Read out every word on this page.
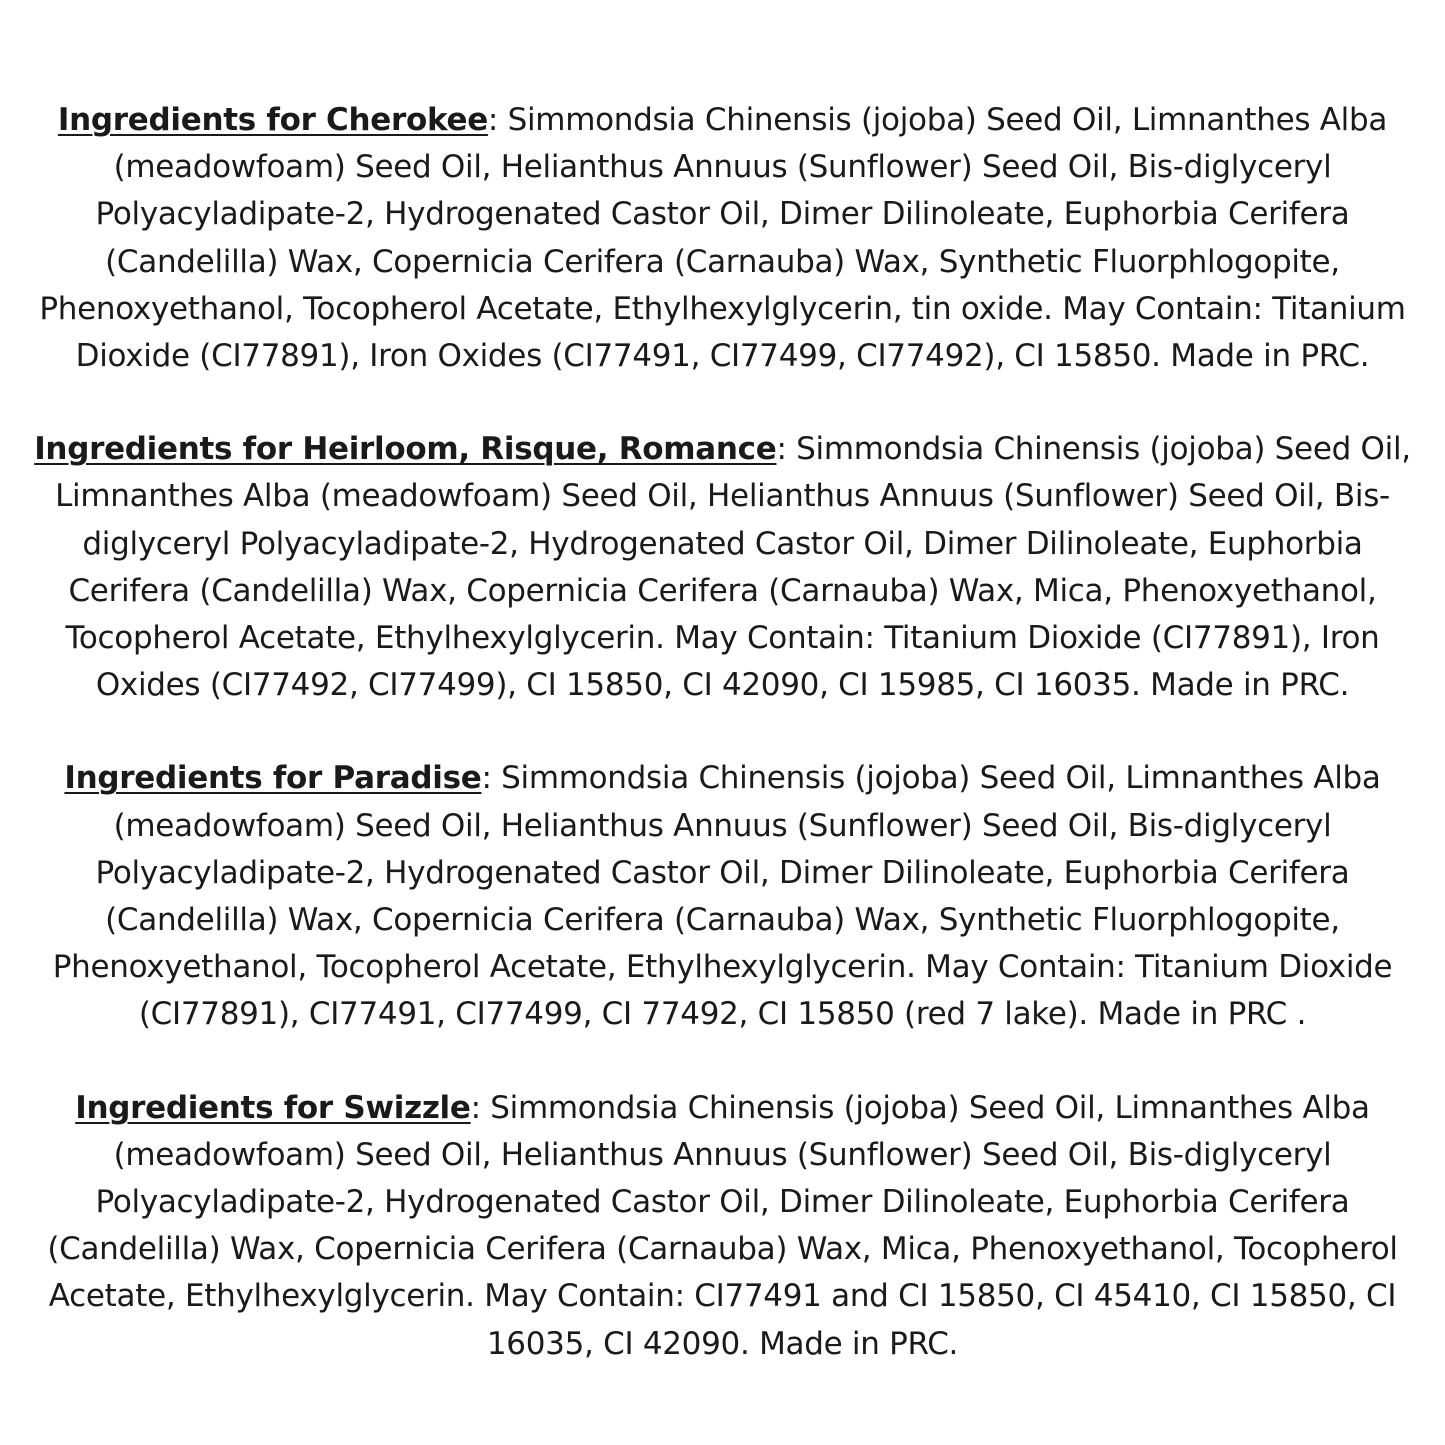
Ingredients for Cherokee: Simmondsia Chinensis (jojoba) Seed Oil, Limnanthes Alba (meadowfoam) Seed Oil, Helianthus Annuus (Sunflower) Seed Oil, Bis-diglyceryl Polyacyladipate-2, Hydrogenated Castor Oil, Dimer Dilinoleate, Euphorbia Cerifera (Candelilla) Wax, Copernicia Cerifera (Carnauba) Wax, Synthetic Fluorphlogopite, Phenoxyethanol, Tocopherol Acetate, Ethylhexylglycerin, tin oxide. May Contain: Titanium Dioxide (CI77891), Iron Oxides (CI77491, CI77499, CI77492), CI 15850. Made in PRC.

Ingredients for Heirloom, Risque, Romance: Simmondsia Chinensis (jojoba) Seed Oil, Limnanthes Alba (meadowfoam) Seed Oil, Helianthus Annuus (Sunflower) Seed Oil, Bis-diglyceryl Polyacyladipate-2, Hydrogenated Castor Oil, Dimer Dilinoleate, Euphorbia Cerifera (Candelilla) Wax, Copernicia Cerifera (Carnauba) Wax, Mica, Phenoxyethanol, Tocopherol Acetate, Ethylhexylglycerin. May Contain: Titanium Dioxide (CI77891), Iron Oxides (CI77492, CI77499), CI 15850, CI 42090, CI 15985, CI 16035. Made in PRC.

Ingredients for Paradise: Simmondsia Chinensis (jojoba) Seed Oil, Limnanthes Alba (meadowfoam) Seed Oil, Helianthus Annuus (Sunflower) Seed Oil, Bis-diglyceryl Polyacyladipate-2, Hydrogenated Castor Oil, Dimer Dilinoleate, Euphorbia Cerifera (Candelilla) Wax, Copernicia Cerifera (Carnauba) Wax, Synthetic Fluorphlogopite, Phenoxyethanol, Tocopherol Acetate, Ethylhexylglycerin. May Contain: Titanium Dioxide (CI77891), CI77491, CI77499, CI 77492, CI 15850 (red 7 lake). Made in PRC .

Ingredients for Swizzle: Simmondsia Chinensis (jojoba) Seed Oil, Limnanthes Alba (meadowfoam) Seed Oil, Helianthus Annuus (Sunflower) Seed Oil, Bis-diglyceryl Polyacyladipate-2, Hydrogenated Castor Oil, Dimer Dilinoleate, Euphorbia Cerifera (Candelilla) Wax, Copernicia Cerifera (Carnauba) Wax, Mica, Phenoxyethanol, Tocopherol Acetate, Ethylhexylglycerin. May Contain: CI77491 and CI 15850, CI 45410, CI 15850, CI 16035, CI 42090. Made in PRC.
